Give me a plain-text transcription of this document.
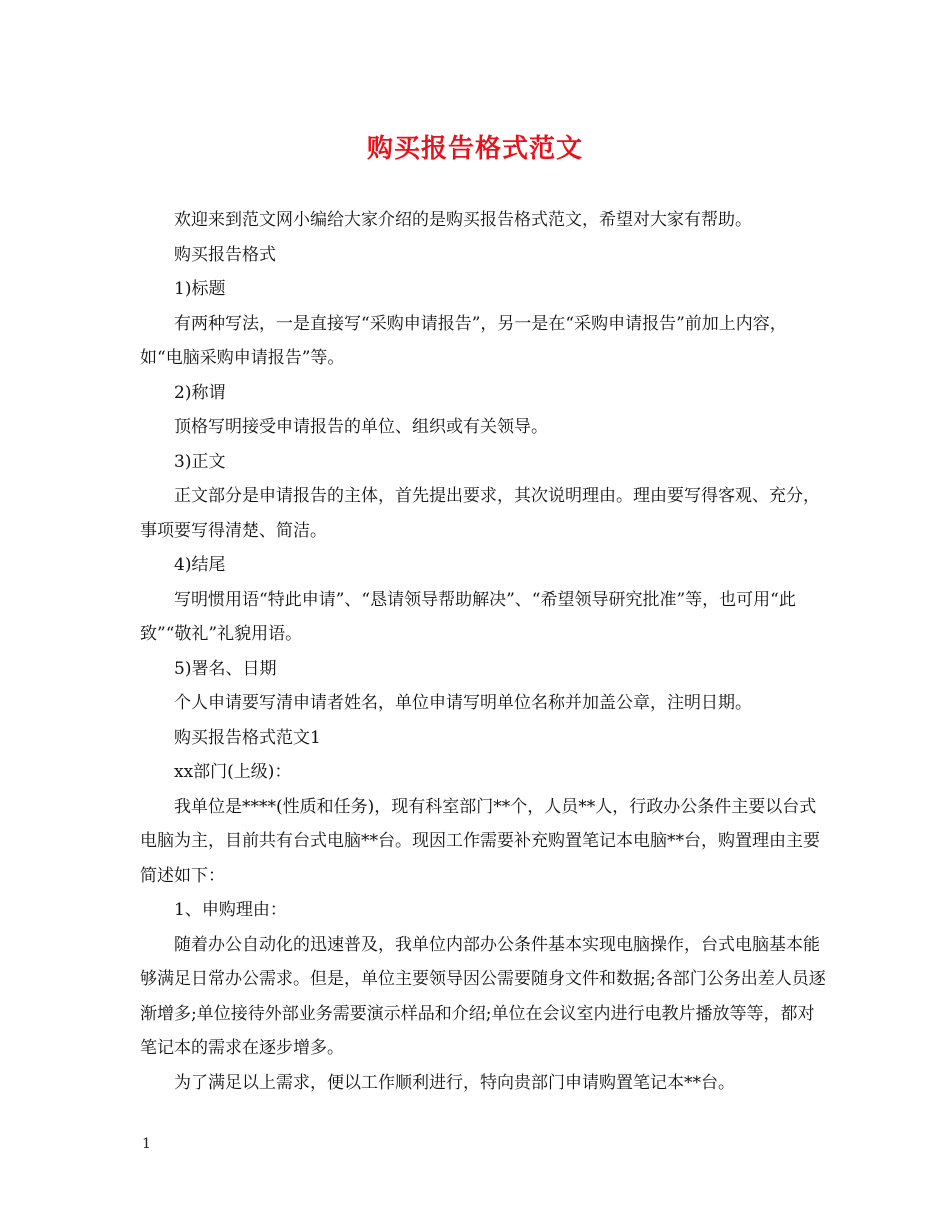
购买报告格式范文

欢迎来到范文网小编给大家介绍的是购买报告格式范文，希望对大家有帮助。

购买报告格式

1)标题

有两种写法，一是直接写“采购申请报告”，另一是在“采购申请报告”前加上内容，如“电脑采购申请报告”等。

2)称谓

顶格写明接受申请报告的单位、组织或有关领导。

3)正文

正文部分是申请报告的主体，首先提出要求，其次说明理由。理由要写得客观、充分，事项要写得清楚、简洁。

4)结尾

写明惯用语“特此申请”、“恳请领导帮助解决”、“希望领导研究批准”等，也可用“此致”“敬礼”礼貌用语。

5)署名、日期

个人申请要写清申请者姓名，单位申请写明单位名称并加盖公章，注明日期。

购买报告格式范文1

xx部门(上级)：

我单位是****(性质和任务)，现有科室部门**个，人员**人，行政办公条件主要以台式电脑为主，目前共有台式电脑**台。现因工作需要补充购置笔记本电脑**台，购置理由主要简述如下：

1、申购理由：

随着办公自动化的迅速普及，我单位内部办公条件基本实现电脑操作，台式电脑基本能够满足日常办公需求。但是，单位主要领导因公需要随身文件和数据;各部门公务出差人员逐渐增多;单位接待外部业务需要演示样品和介绍;单位在会议室内进行电教片播放等等，都对笔记本的需求在逐步增多。

为了满足以上需求，便以工作顺利进行，特向贵部门申请购置笔记本**台。

1
